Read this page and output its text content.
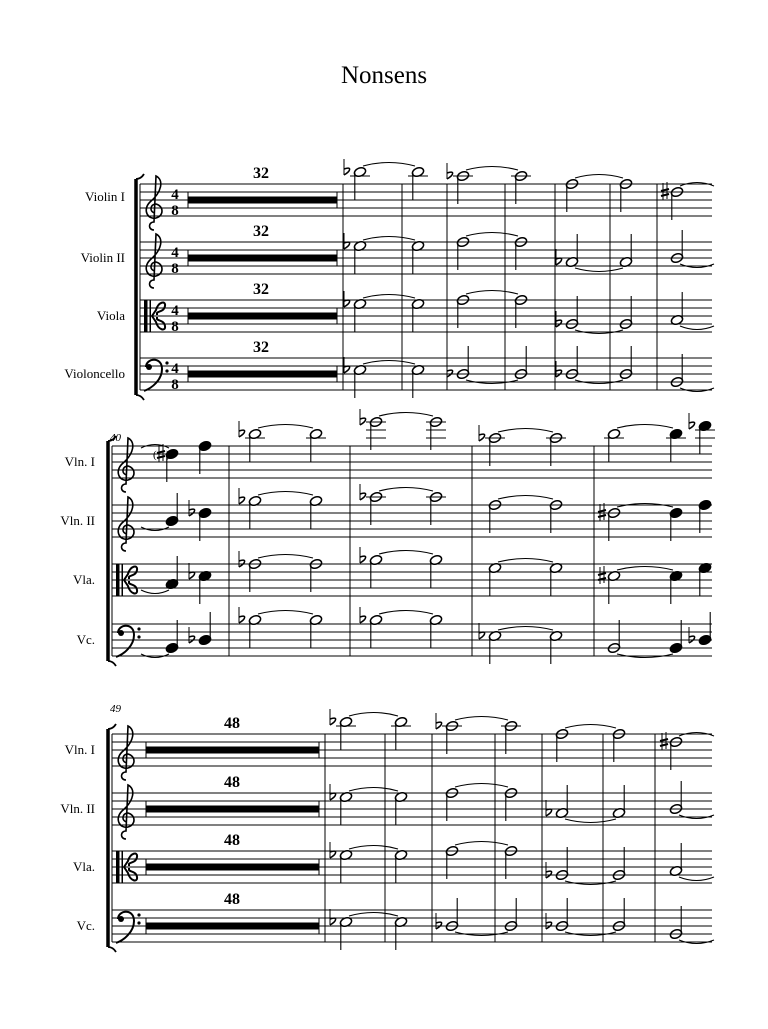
Nonsens
4
8
32
Violin I
4
8
32
Violin II
4
8
32
Viola
4
8
32
Violoncello
40
Vln. I
Vln. II
Vla.
Vc.
( )
49
48
Vln. I
48
Vln. II
48
Vla.
48
Vc.
